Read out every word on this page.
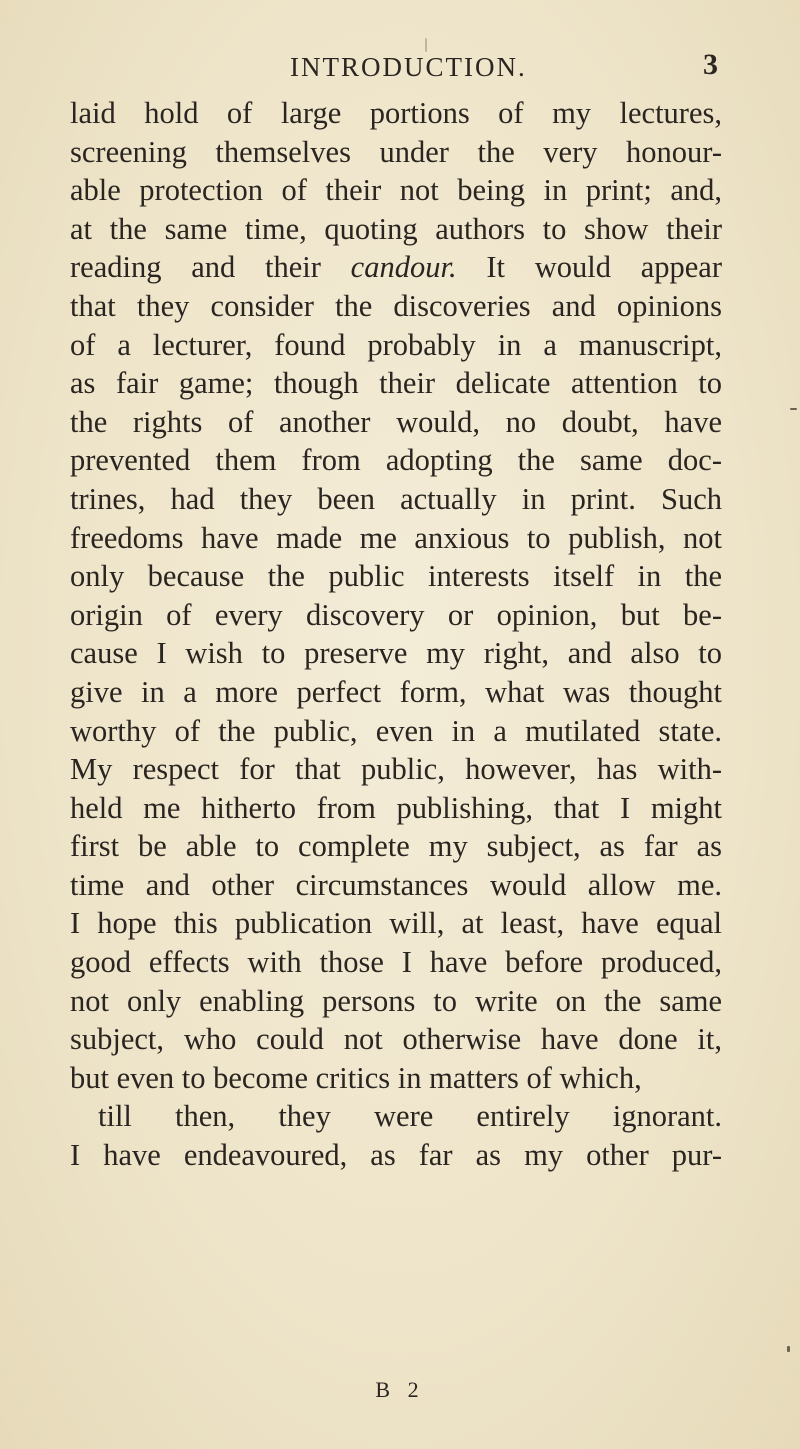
INTRODUCTION.	3
laid hold of large portions of my lectures,
screening themselves under the very honour-
able protection of their not being in print; and,
at the same time, quoting authors to show their
reading and their candour. It would appear
that they consider the discoveries and opinions
of a lecturer, found probably in a manuscript,
as fair game; though their delicate attention to
the rights of another would, no doubt, have
prevented them from adopting the same doc-
trines, had they been actually in print. Such
freedoms have made me anxious to publish, not
only because the public interests itself in the
origin of every discovery or opinion, but be-
cause I wish to preserve my right, and also to
give in a more perfect form, what was thought
worthy of the public, even in a mutilated state.
My respect for that public, however, has with-
held me hitherto from publishing, that I might
first be able to complete my subject, as far as
time and other circumstances would allow me.
I hope this publication will, at least, have equal
good effects with those I have before produced,
not only enabling persons to write on the same
subject, who could not otherwise have done it,
but even to become critics in matters of which,
till then, they were entirely ignorant.
I have endeavoured, as far as my other pur-
B 2
